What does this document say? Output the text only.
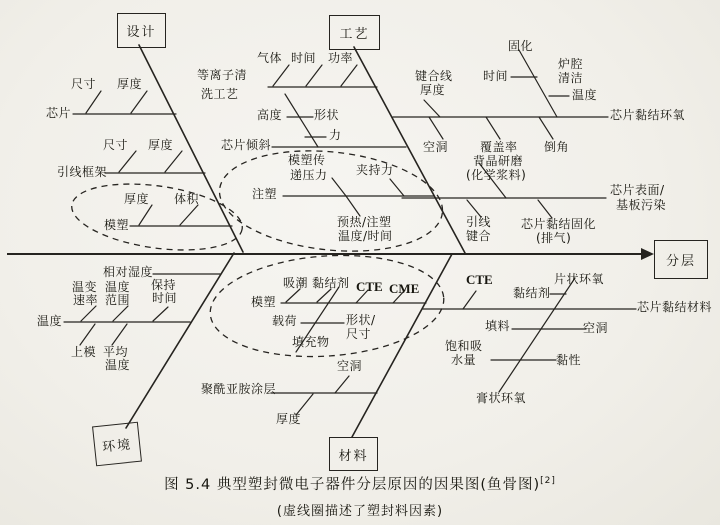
设计	工艺
环境
材料
分层
芯片
尺寸 厚度
引线框架
尺寸 厚度
模塑
厚度 体积
等离子清
洗工艺
气体 时间 功率
芯片倾斜
高度	形状
力
注塑
模塑传
递压力 夹持力
预热/注塑
温度/时间
键合线
厚度
空洞
固化
时间
炉腔
清洁
温度
芯片黏结环氧
覆盖率 倒角
背晶研磨
(化学浆料)
芯片表面/
基板污染
引线
键合
芯片黏结固化
(排气)
相对湿度
温变
速率
温度
范围
保持
时间
温度
上模 平均
温度
吸潮 黏结剂 CTE CME
模塑
载荷	形状/
尺寸
填充物
空洞
聚酰亚胺涂层
厚度
CTE	片状环氧
黏结剂
芯片黏结材料
填料	空洞
饱和吸
水量	黏性
膏状环氧
图 5.4 典型塑封微电子器件分层原因的因果图(鱼骨图)[2]
(虚线圈描述了塑封料因素)
